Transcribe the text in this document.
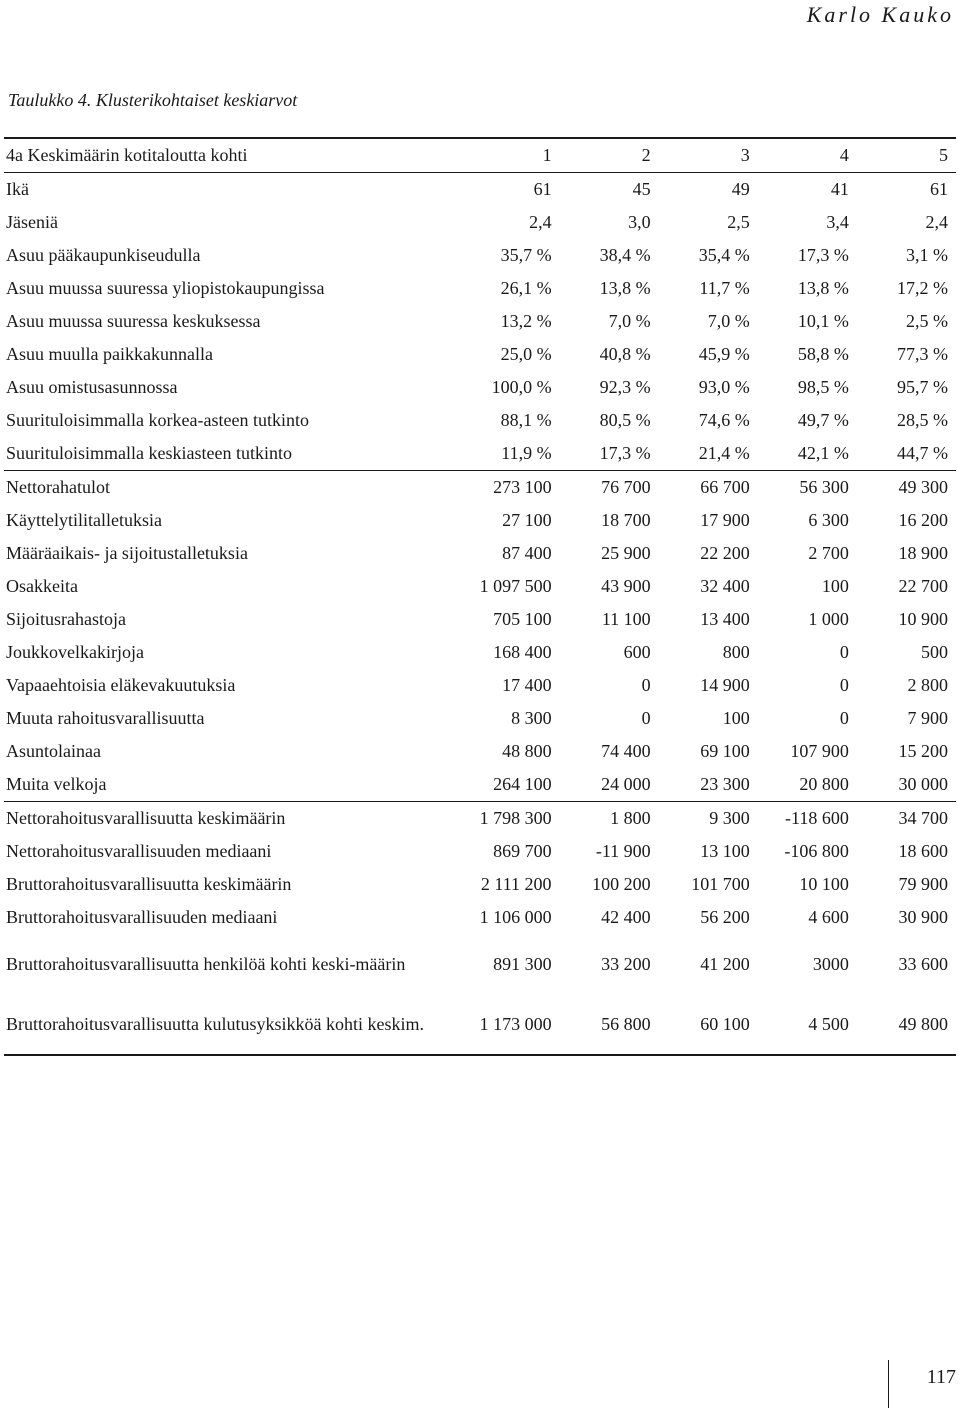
Karlo Kauko
Taulukko 4. Klusterikohtaiset keskiarvot
4a Keskimäärin kotitaloutta kohti	1	2	3	4	5
Ikä	61	45	49	41	61
Jäseniä	2,4	3,0	2,5	3,4	2,4
Asuu pääkaupunkiseudulla	35,7 %	38,4 %	35,4 %	17,3 %	3,1 %
Asuu muussa suuressa yliopistokaupungissa	26,1 %	13,8 %	11,7 %	13,8 %	17,2 %
Asuu muussa suuressa keskuksessa	13,2 %	7,0 %	7,0 %	10,1 %	2,5 %
Asuu muulla paikkakunnalla	25,0 %	40,8 %	45,9 %	58,8 %	77,3 %
Asuu omistusasunnossa	100,0 %	92,3 %	93,0 %	98,5 %	95,7 %
Suurituloisimmalla korkea-asteen tutkinto	88,1 %	80,5 %	74,6 %	49,7 %	28,5 %
Suurituloisimmalla keskiasteen tutkinto	11,9 %	17,3 %	21,4 %	42,1 %	44,7 %
Nettorahatulot	273 100	76 700	66 700	56 300	49 300
Käyttelytilitalletuksia	27 100	18 700	17 900	6 300	16 200
Määräaikais- ja sijoitustalletuksia	87 400	25 900	22 200	2 700	18 900
Osakkeita	1 097 500	43 900	32 400	100	22 700
Sijoitusrahastoja	705 100	11 100	13 400	1 000	10 900
Joukkovelkakirjoja	168 400	600	800	0	500
Vapaaehtoisia eläkevakuutuksia	17 400	0	14 900	0	2 800
Muuta rahoitusvarallisuutta	8 300	0	100	0	7 900
Asuntolainaa	48 800	74 400	69 100	107 900	15 200
Muita velkoja	264 100	24 000	23 300	20 800	30 000
Nettorahoitusvarallisuutta keskimäärin	1 798 300	1 800	9 300	-118 600	34 700
Nettorahoitusvarallisuuden mediaani	869 700	-11 900	13 100	-106 800	18 600
Bruttorahoitusvarallisuutta keskimäärin	2 111 200	100 200	101 700	10 100	79 900
Bruttorahoitusvarallisuuden mediaani	1 106 000	42 400	56 200	4 600	30 900
Bruttorahoitusvarallisuutta henkilöä kohti keski-määrin	891 300	33 200	41 200	3000	33 600
Bruttorahoitusvarallisuutta kulutusyksikköä kohti keskim.	1 173 000	56 800	60 100	4 500	49 800
117
